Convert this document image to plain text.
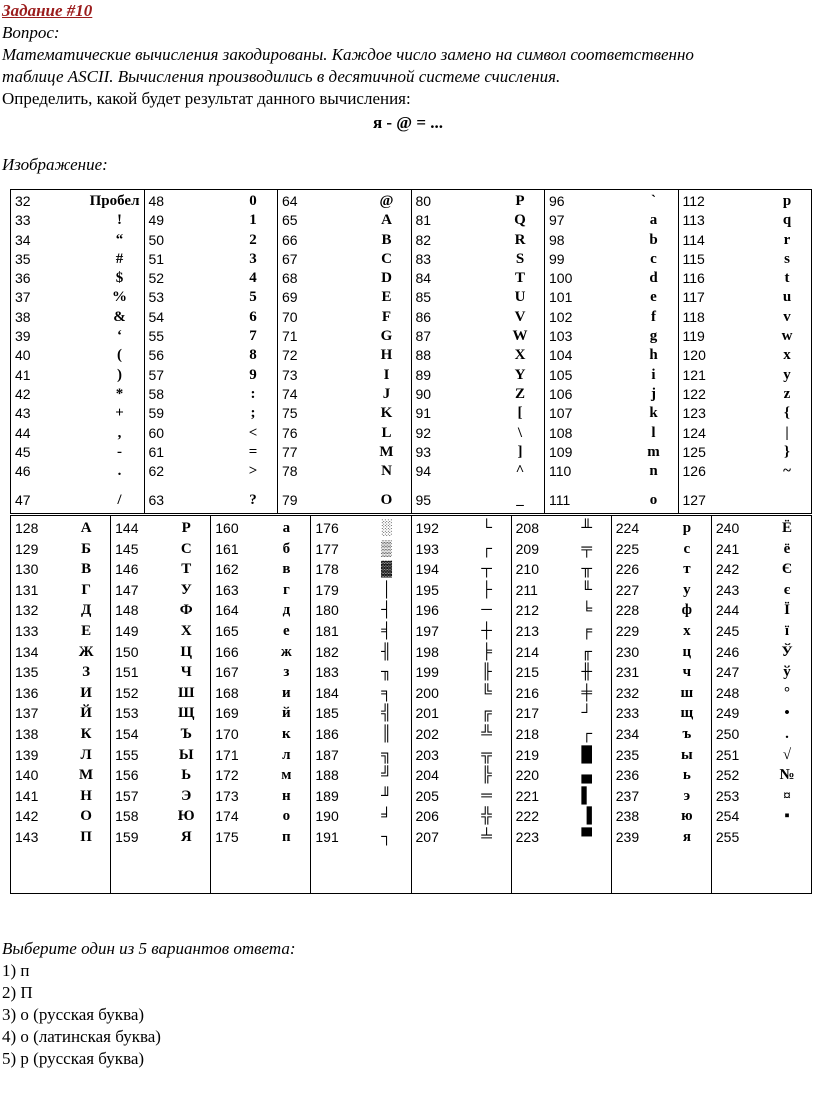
Задание #10
Вопрос:
Математические вычисления закодированы. Каждое число замено на символ соответственно
таблице ASCII. Вычисления производились в десятичной системе счисления.
Определить, какой будет результат данного вычисления:
я - @ = ...
Изображение:
32	Пробел
33	!
34	“
35	#
36	$
37	%
38	&
39	‘
40	(
41	)
42	*
43	+
44	,
45	-
46	.
47	/

48	0
49	1
50	2
51	3
52	4
53	5
54	6
55	7
56	8
57	9
58	:
59	;
60	<
61	=
62	>
63	?

64	@
65	A
66	B
67	C
68	D
69	E
70	F
71	G
72	H
73	I
74	J
75	K
76	L
77	M
78	N
79	O

80	P
81	Q
82	R
83	S
84	T
85	U
86	V
87	W
88	X
89	Y
90	Z
91	[
92	\
93	]
94	^
95	_

96	`
97	a
98	b
99	c
100	d
101	e
102	f
103	g
104	h
105	i
106	j
107	k
108	l
109	m
110	n
111	o

112	p
113	q
114	r
115	s
116	t
117	u
118	v
119	w
120	x
121	y
122	z
123	{
124	|
125	}
126	~
127
128	А
129	Б
130	В
131	Г
132	Д
133	Е
134	Ж
135	З
136	И
137	Й
138	К
139	Л
140	М
141	Н
142	О
143	П

144	Р
145	С
146	Т
147	У
148	Ф
149	Х
150	Ц
151	Ч
152	Ш
153	Щ
154	Ъ
155	Ы
156	Ь
157	Э
158	Ю
159	Я

160	а
161	б
162	в
163	г
164	д
165	е
166	ж
167	з
168	и
169	й
170	к
171	л
172	м
173	н
174	о
175	п

176	░
177	▒
178	▓
179	│
180	┤
181	╡
182	╢
183	╖
184	╕
185	╣
186	║
187	╗
188	╝
189	╜
190	╛
191	┐

192	└
193	┌
194	┬
195	├
196	─
197	┼
198	╞
199	╟
200	╚
201	╔
202	╩
203	╦
204	╠
205	═
206	╬
207	╧

208	╨
209	╤
210	╥
211	╙
212	╘
213	╒
214	╓
215	╫
216	╪
217	┘
218	┌
219	█
220	▄
221	▌
222	▐
223	▀

224	р
225	с
226	т
227	у
228	ф
229	х
230	ц
231	ч
232	ш
233	щ
234	ъ
235	ы
236	ь
237	э
238	ю
239	я

240	Ё
241	ё
242	Є
243	є
244	Ї
245	ї
246	Ў
247	ў
248	°
249	•
250	.
251	√
252	№
253	¤
254	▪
255
Выберите один из 5 вариантов ответа:
1) п
2) П
3) о (русская буква)
4) o (латинская буква)
5) р (русская буква)
